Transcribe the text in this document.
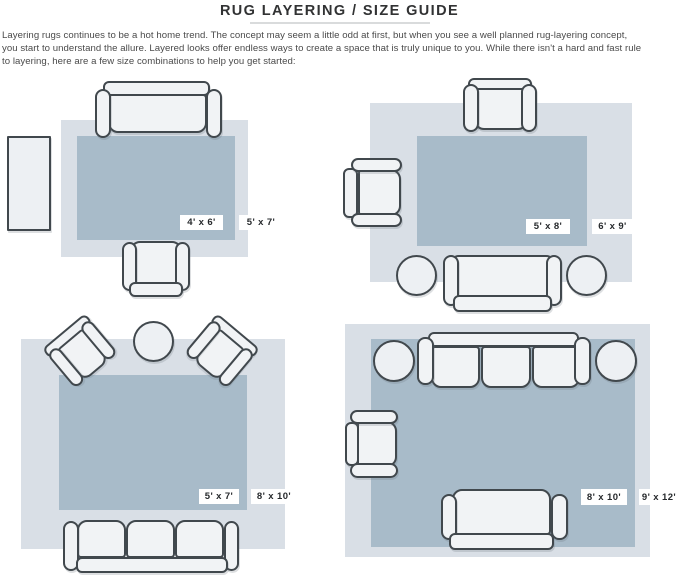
RUG LAYERING / SIZE GUIDE
Layering rugs continues to be a hot home trend. The concept may seem a little odd at first, but when you see a well planned rug-layering concept,
you start to understand the allure. Layered looks offer endless ways to create a space that is truly unique to you. While there isn't a hard and fast rule
to layering, here are a few size combinations to help you get started:
4' x 6'	5' x 7'	5' x 8'	6' x 9'
5' x 7'	8' x 10'	8' x 10'	9' x 12'
